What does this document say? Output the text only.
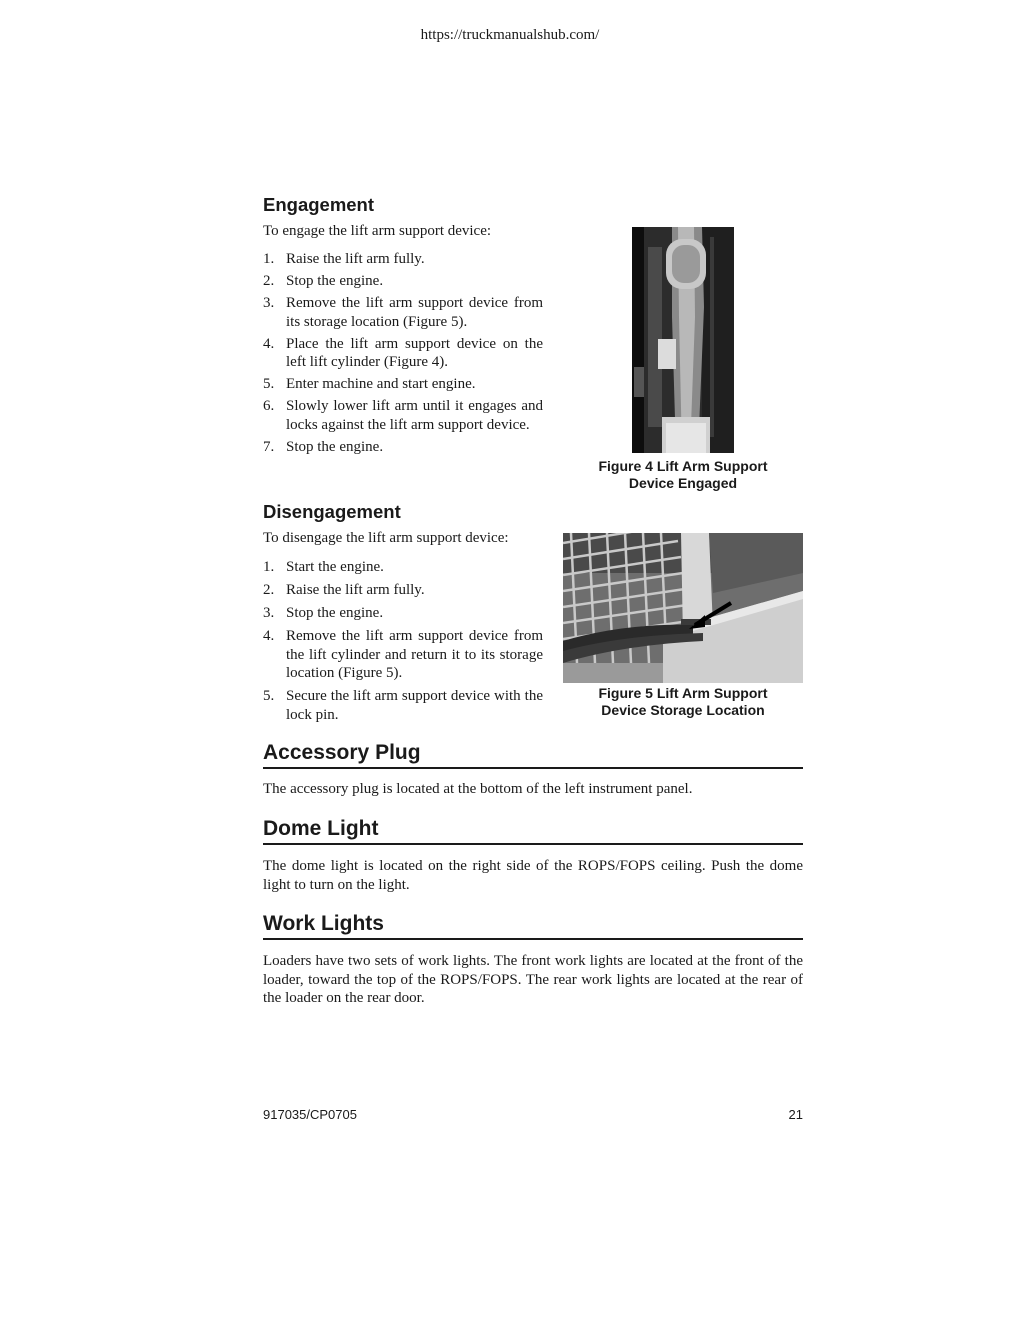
https://truckmanualshub.com/
Engagement

To engage the lift arm support device:

1. Raise the lift arm fully.
2. Stop the engine.
3. Remove the lift arm support device from its storage location (Figure 5).
4. Place the lift arm support device on the left lift cylinder (Figure 4).
5. Enter machine and start engine.
6. Slowly lower lift arm until it engages and locks against the lift arm support device.
7. Stop the engine.
Figure 4 Lift Arm Support
Device Engaged
Disengagement

To disengage the lift arm support device:

1. Start the engine.
2. Raise the lift arm fully.
3. Stop the engine.
4. Remove the lift arm support device from the lift cylinder and return it to its storage location (Figure 5).
5. Secure the lift arm support device with the lock pin.
Figure 5 Lift Arm Support
Device Storage Location
Accessory Plug

The accessory plug is located at the bottom of the left instrument panel.

Dome Light

The dome light is located on the right side of the ROPS/FOPS ceiling. Push the dome light to turn on the light.

Work Lights

Loaders have two sets of work lights. The front work lights are located at the front of the loader, toward the top of the ROPS/FOPS. The rear work lights are located at the rear of the loader on the rear door.

917035/CP0705	21
